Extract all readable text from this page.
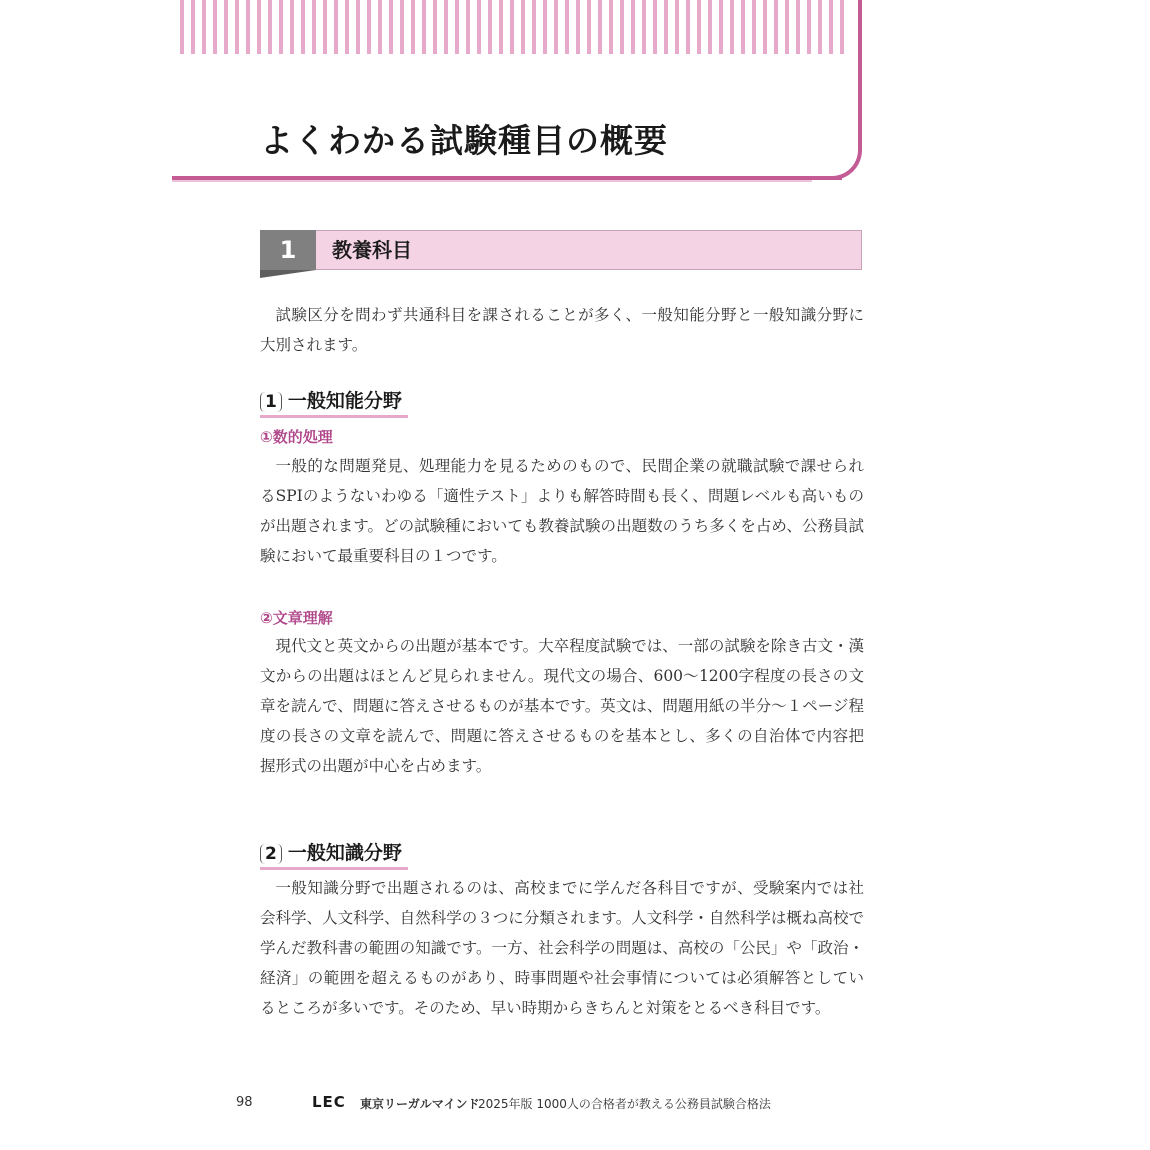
よくわかる試験種目の概要
1	教養科目

試験区分を問わず共通科目を課されることが多く、一般知能分野と一般知識分野に大別されます。

1 一般知能分野
①数的処理

一般的な問題発見、処理能力を見るためのもので、民間企業の就職試験で課せられるSPIのようないわゆる「適性テスト」よりも解答時間も長く、問題レベルも高いものが出題されます。どの試験種においても教養試験の出題数のうち多くを占め、公務員試験において最重要科目の１つです。

②文章理解

現代文と英文からの出題が基本です。大卒程度試験では、一部の試験を除き古文・漢文からの出題はほとんど見られません。現代文の場合、600～1200字程度の長さの文章を読んで、問題に答えさせるものが基本です。英文は、問題用紙の半分～１ページ程度の長さの文章を読んで、問題に答えさせるものを基本とし、多くの自治体で内容把握形式の出題が中心を占めます。

2 一般知識分野

一般知識分野で出題されるのは、高校までに学んだ各科目ですが、受験案内では社会科学、人文科学、自然科学の３つに分類されます。人文科学・自然科学は概ね高校で学んだ教科書の範囲の知識です。一方、社会科学の問題は、高校の「公民」や「政治・経済」の範囲を超えるものがあり、時事問題や社会事情については必須解答としているところが多いです。そのため、早い時期からきちんと対策をとるべき科目です。

98	LEC 東京リーガルマインド
2025年版 1000人の合格者が教える公務員試験合格法
